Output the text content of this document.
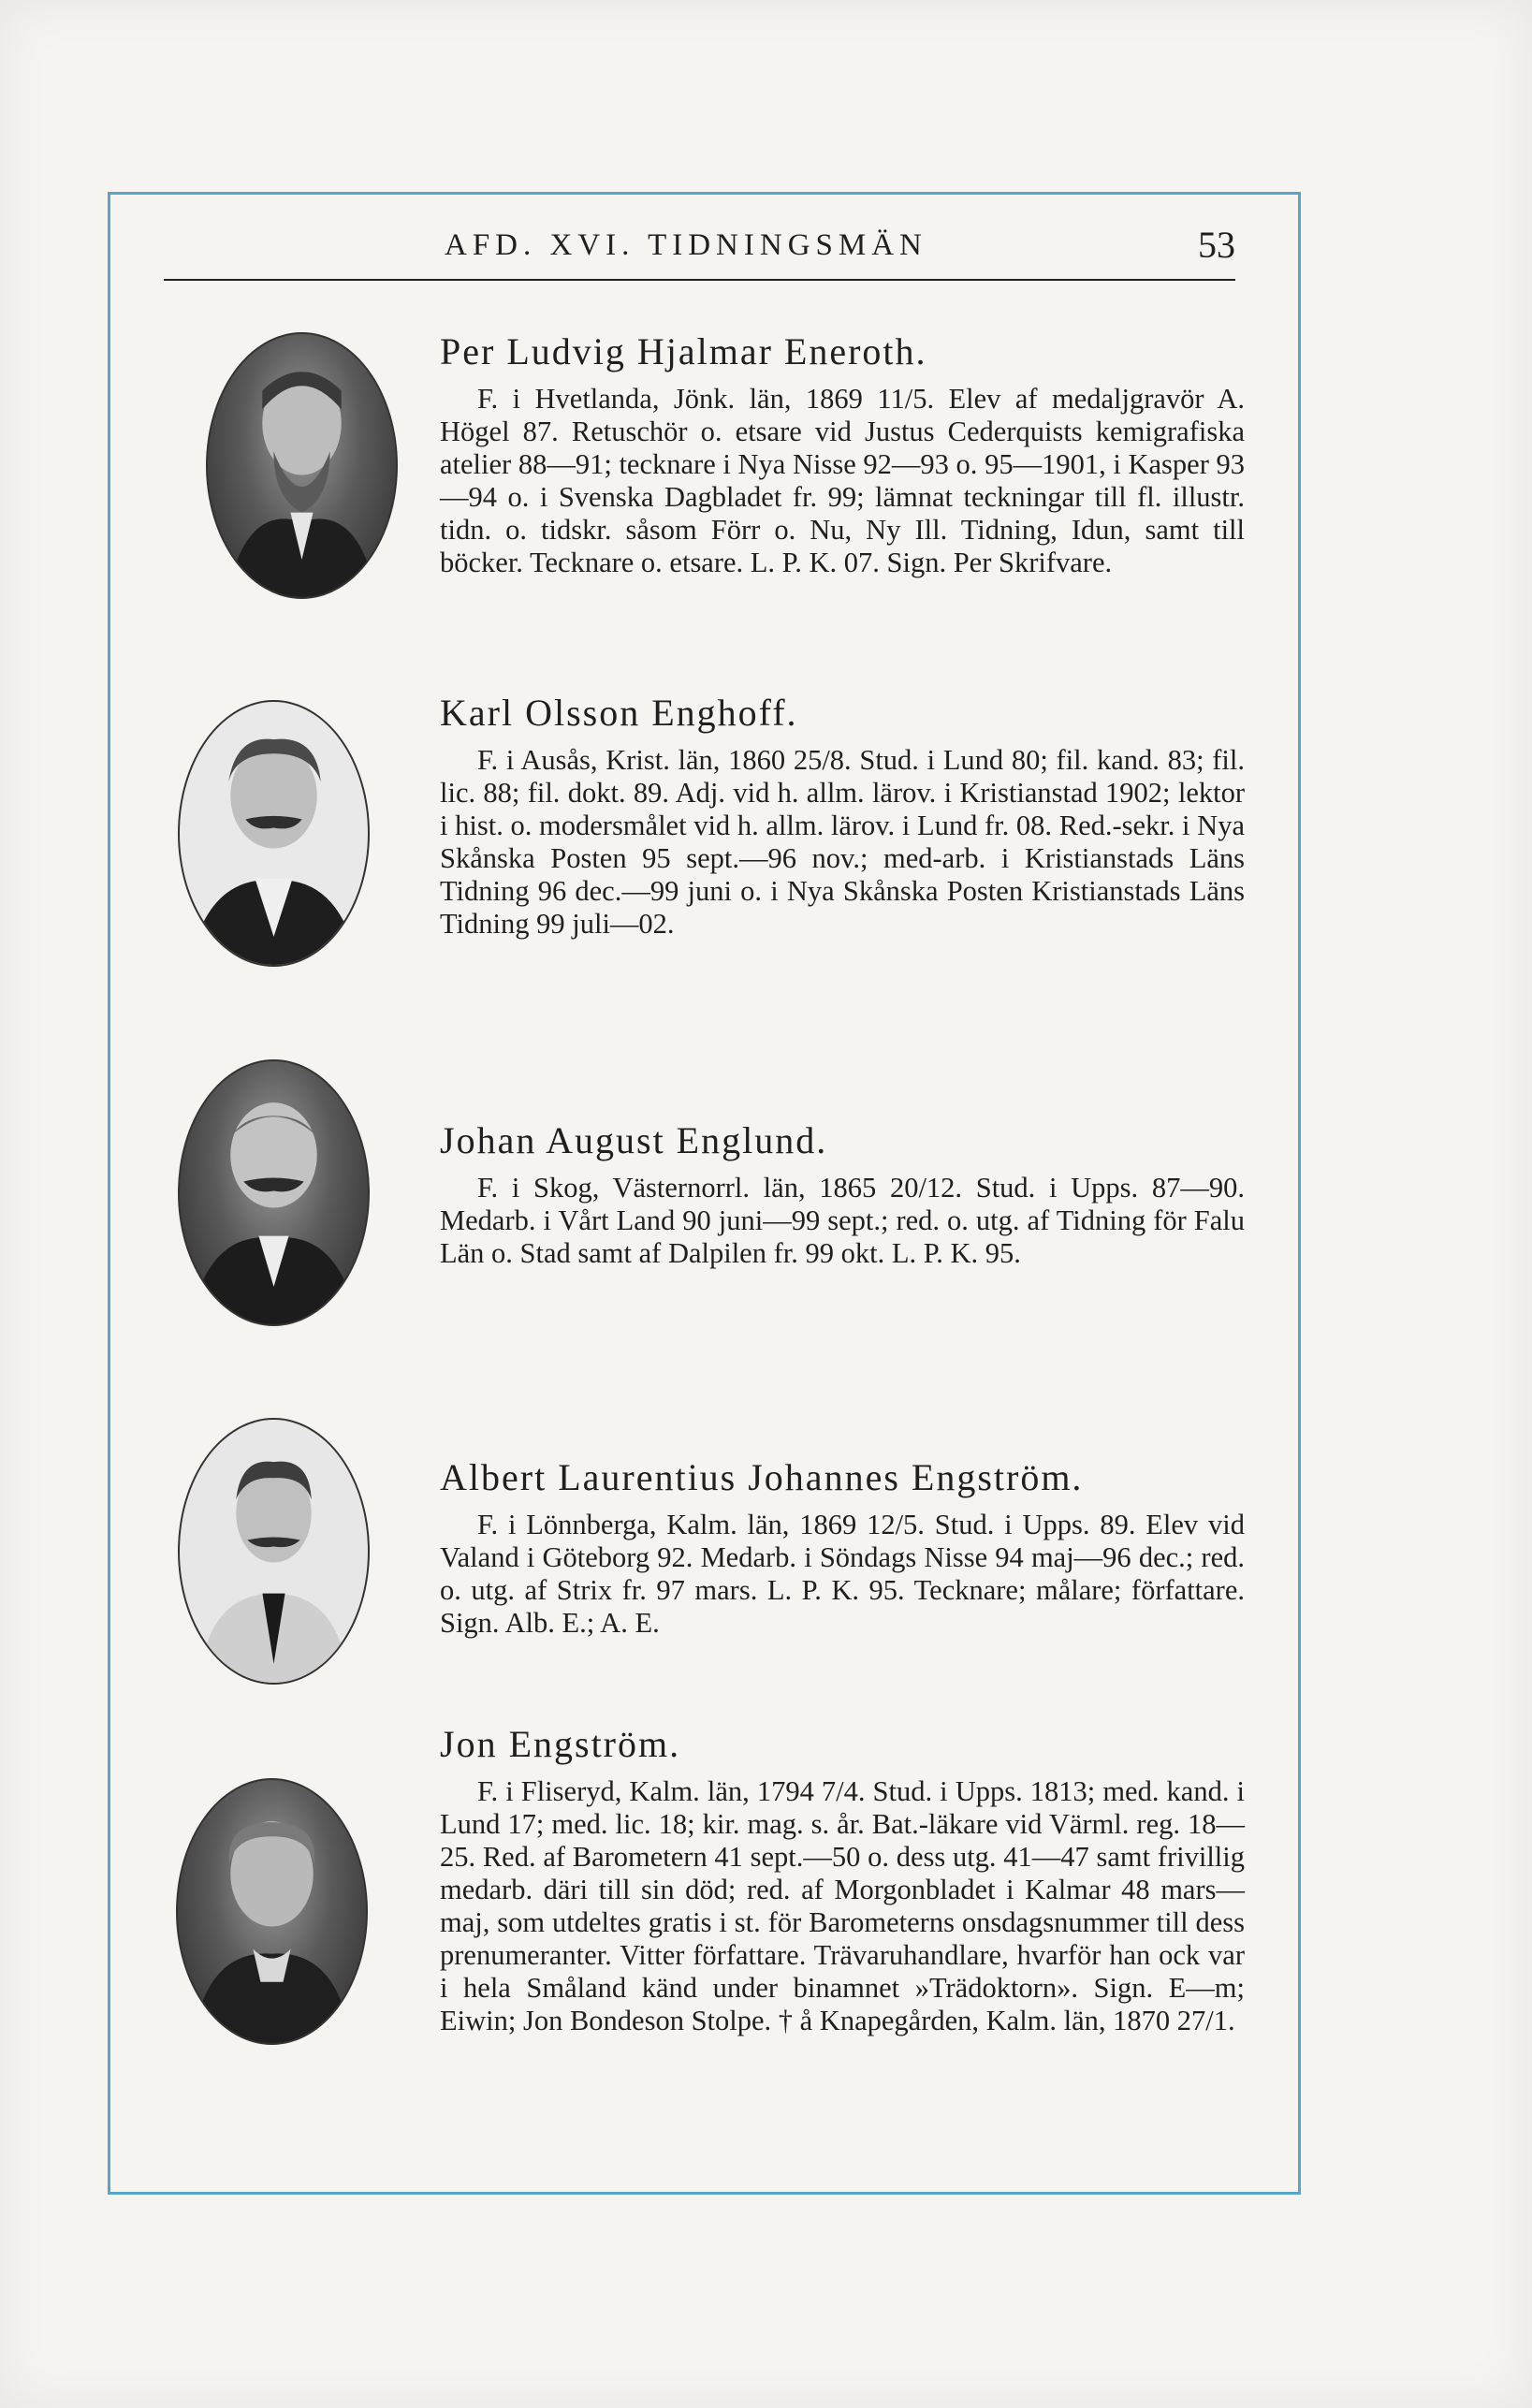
AFD. XVI. TIDNINGSMÄN	53

Per Ludvig Hjalmar Eneroth.

F. i Hvetlanda, Jönk. län, 1869 11/5. Elev af medaljgravör A. Högel 87. Retuschör o. etsare vid Justus Cederquists kemigrafiska atelier 88—91; tecknare i Nya Nisse 92—93 o. 95—1901, i Kasper 93—94 o. i Svenska Dagbladet fr. 99; lämnat teckningar till fl. illustr. tidn. o. tidskr. såsom Förr o. Nu, Ny Ill. Tidning, Idun, samt till böcker. Tecknare o. etsare. L. P. K. 07. Sign. Per Skrifvare.

Karl Olsson Enghoff.

F. i Ausås, Krist. län, 1860 25/8. Stud. i Lund 80; fil. kand. 83; fil. lic. 88; fil. dokt. 89. Adj. vid h. allm. lärov. i Kristianstad 1902; lektor i hist. o. modersmålet vid h. allm. lärov. i Lund fr. 08. Red.-sekr. i Nya Skånska Posten 95 sept.—96 nov.; med-arb. i Kristianstads Läns Tidning 96 dec.—99 juni o. i Nya Skånska Posten Kristianstads Läns Tidning 99 juli—02.

Johan August Englund.

F. i Skog, Västernorrl. län, 1865 20/12. Stud. i Upps. 87—90. Medarb. i Vårt Land 90 juni—99 sept.; red. o. utg. af Tidning för Falu Län o. Stad samt af Dalpilen fr. 99 okt. L. P. K. 95.

Albert Laurentius Johannes Engström.

F. i Lönnberga, Kalm. län, 1869 12/5. Stud. i Upps. 89. Elev vid Valand i Göteborg 92. Medarb. i Söndags Nisse 94 maj—96 dec.; red. o. utg. af Strix fr. 97 mars. L. P. K. 95. Tecknare; målare; författare. Sign. Alb. E.; A. E.

Jon Engström.

F. i Fliseryd, Kalm. län, 1794 7/4. Stud. i Upps. 1813; med. kand. i Lund 17; med. lic. 18; kir. mag. s. år. Bat.-läkare vid Värml. reg. 18—25. Red. af Barometern 41 sept.—50 o. dess utg. 41—47 samt frivillig medarb. däri till sin död; red. af Morgonbladet i Kalmar 48 mars—maj, som utdeltes gratis i st. för Barometerns onsdagsnummer till dess prenumeranter. Vitter författare. Trävaruhandlare, hvarför han ock var i hela Småland känd under binamnet »Trädoktorn». Sign. E—m; Eiwin; Jon Bondeson Stolpe. † å Knapegården, Kalm. län, 1870 27/1.
